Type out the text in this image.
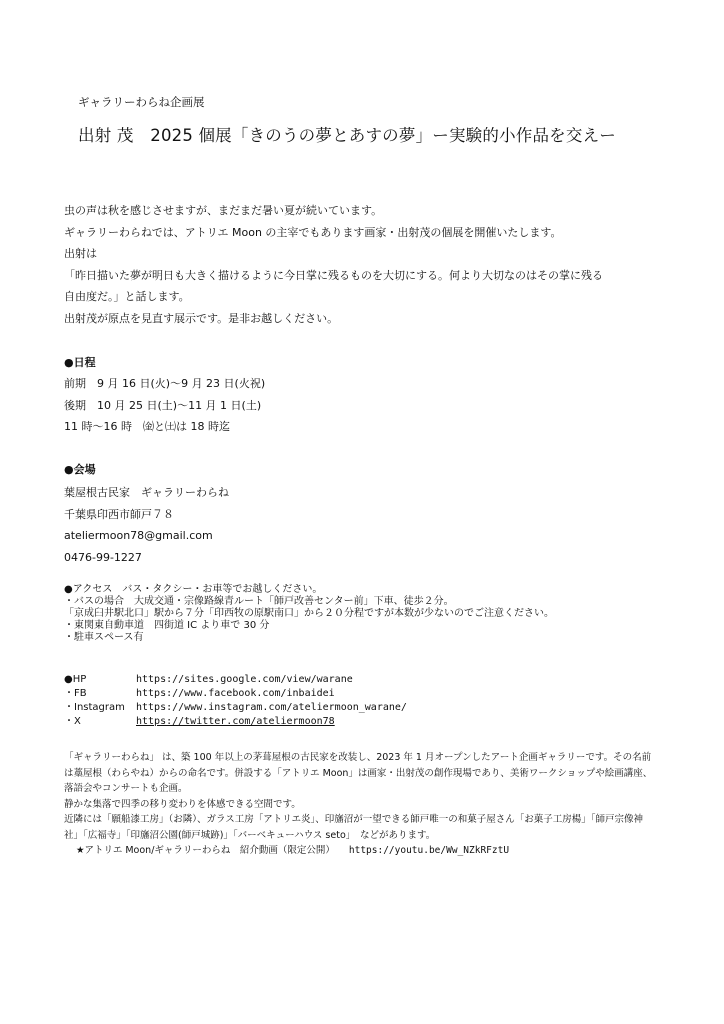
ギャラリーわらね企画展
出射 茂　2025 個展「きのうの夢とあすの夢」ー実験的小作品を交えー
虫の声は秋を感じさせますが、まだまだ暑い夏が続いています。
ギャラリーわらねでは、アトリエ Moon の主宰でもあります画家・出射茂の個展を開催いたします。
出射は
「昨日描いた夢が明日も大きく描けるように今日掌に残るものを大切にする。何より大切なのはその掌に残る
自由度だ。」と話します。
出射茂が原点を見直す展示です。是非お越しください。
●日程
前期　9 月 16 日(火)～9 月 23 日(火祝)
後期　10 月 25 日(土)～11 月 1 日(土)
11 時～16 時　㈮と㈯は 18 時迄
●会場
葉屋根古民家　ギャラリーわらね
千葉県印西市師戸７８
ateliermoon78@gmail.com
0476-99-1227
●アクセス　バス・タクシー・お車等でお越しください。
・バスの場合　大成交通・宗像路線青ルート「師戸改善センター前」下車、徒歩２分。
「京成臼井駅北口」駅から７分「印西牧の原駅南口」から２０分程ですが本数が少ないのでご注意ください。
・東関東自動車道　四街道 IC より車で 30 分
・駐車スペース有
●HP	https://sites.google.com/view/warane
・FB	https://www.facebook.com/inbaidei
・Instagram	https://www.instagram.com/ateliermoon_warane/
・X	https://twitter.com/ateliermoon78
「ギャラリーわらね」 は、築 100 年以上の茅葺屋根の古民家を改装し、2023 年 1 月オープンしたアート企画ギャラリーです。その名前
は藁屋根（わらやね）からの命名です。併設する「アトリエ Moon」は画家・出射茂の創作現場であり、美術ワークショップや絵画講座、
落語会やコンサートも企画。
静かな集落で四季の移り変わりを体感できる空間です。
近隣には「願船漆工房」（お隣）、ガラス工房「アトリエ炎」、印旛沼が一望できる師戸唯一の和菓子屋さん「お菓子工房楊」「師戸宗像神
社」「広福寺」「印旛沼公園(師戸城跡)」「バーベキューハウス seto」　などがあります。
★アトリエ Moon/ギャラリーわらね　紹介動画（限定公開） https://youtu.be/Ww_NZkRFztU
